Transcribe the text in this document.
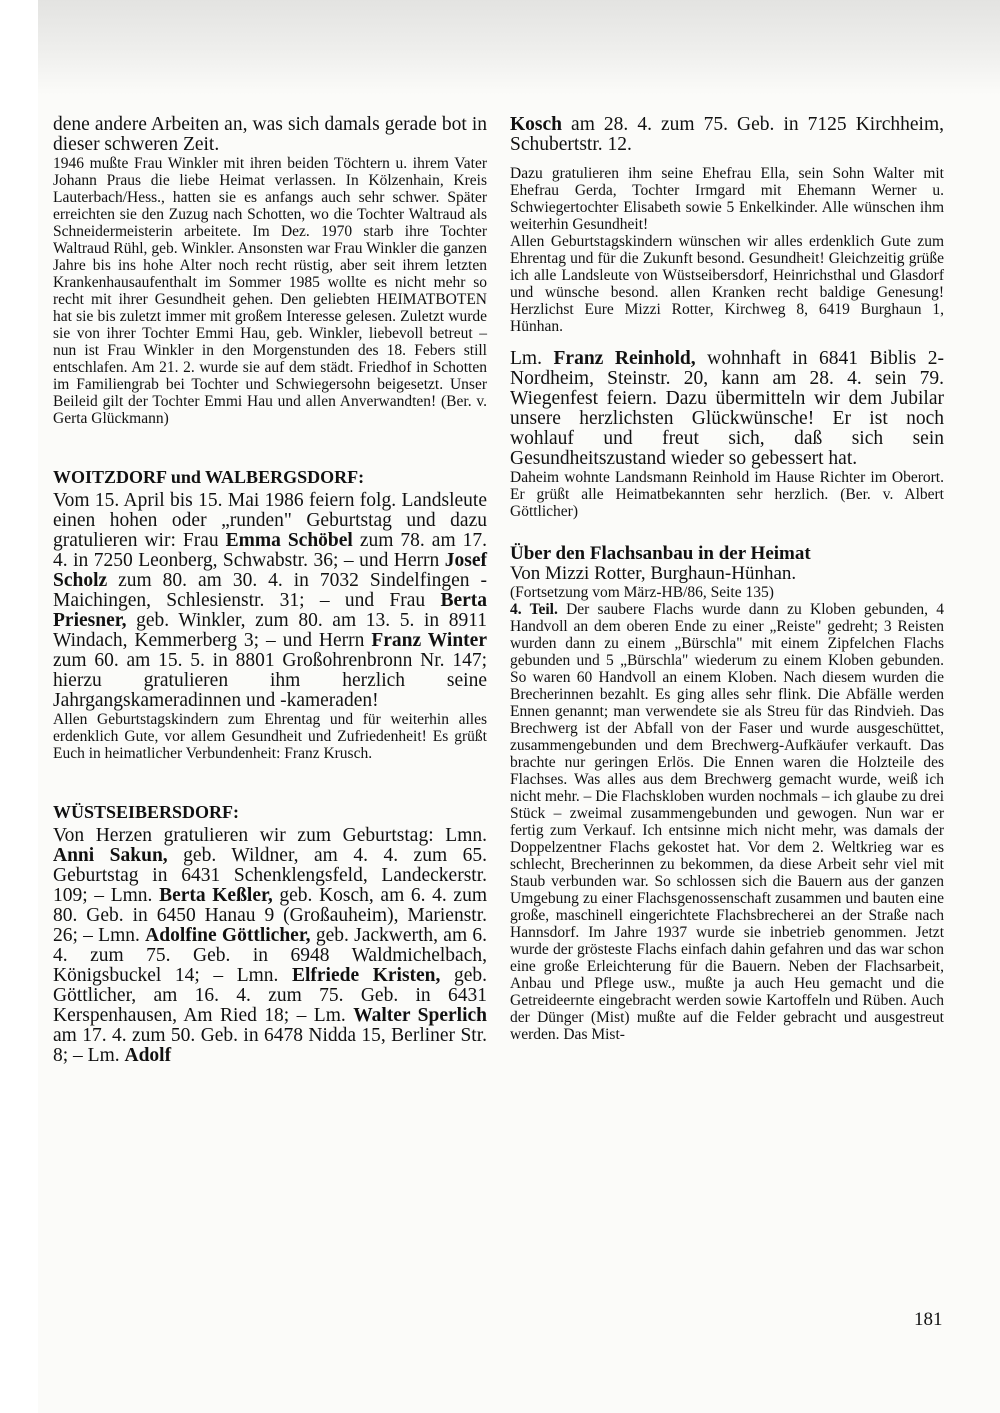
dene andere Arbeiten an, was sich damals gerade bot in dieser schweren Zeit.

1946 mußte Frau Winkler mit ihren beiden Töchtern u. ihrem Vater Johann Praus die liebe Heimat verlassen. In Kölzenhain, Kreis Lauterbach/Hess., hatten sie es anfangs auch sehr schwer. Später erreichten sie den Zuzug nach Schotten, wo die Tochter Waltraud als Schneidermeisterin arbeitete. Im Dez. 1970 starb ihre Tochter Waltraud Rühl, geb. Winkler. Ansonsten war Frau Winkler die ganzen Jahre bis ins hohe Alter noch recht rüstig, aber seit ihrem letzten Krankenhausaufenthalt im Sommer 1985 wollte es nicht mehr so recht mit ihrer Gesundheit gehen. Den geliebten HEIMATBOTEN hat sie bis zuletzt immer mit großem Interesse gelesen. Zuletzt wurde sie von ihrer Tochter Emmi Hau, geb. Winkler, liebevoll betreut – nun ist Frau Winkler in den Morgenstunden des 18. Febers still entschlafen. Am 21. 2. wurde sie auf dem städt. Friedhof in Schotten im Familiengrab bei Tochter und Schwiegersohn beigesetzt. Unser Beileid gilt der Tochter Emmi Hau und allen Anverwandten! (Ber. v. Gerta Glückmann)

WOITZDORF und WALBERGSDORF:

Vom 15. April bis 15. Mai 1986 feiern folg. Landsleute einen hohen oder „runden" Geburtstag und dazu gratulieren wir: Frau Emma Schöbel zum 78. am 17. 4. in 7250 Leonberg, Schwabstr. 36; – und Herrn Josef Scholz zum 80. am 30. 4. in 7032 Sindelfingen -Maichingen, Schlesienstr. 31; – und Frau Berta Priesner, geb. Winkler, zum 80. am 13. 5. in 8911 Windach, Kemmerberg 3; – und Herrn Franz Winter zum 60. am 15. 5. in 8801 Großohrenbronn Nr. 147; hierzu gratulieren ihm herzlich seine Jahrgangskameradinnen und -kameraden!

Allen Geburtstagskindern zum Ehrentag und für weiterhin alles erdenklich Gute, vor allem Gesundheit und Zufriedenheit! Es grüßt Euch in heimatlicher Verbundenheit: Franz Krusch.

WÜSTSEIBERSDORF:

Von Herzen gratulieren wir zum Geburtstag: Lmn. Anni Sakun, geb. Wildner, am 4. 4. zum 65. Geburtstag in 6431 Schenklengsfeld, Landeckerstr. 109; – Lmn. Berta Keßler, geb. Kosch, am 6. 4. zum 80. Geb. in 6450 Hanau 9 (Großauheim), Marienstr. 26; – Lmn. Adolfine Göttlicher, geb. Jackwerth, am 6. 4. zum 75. Geb. in 6948 Waldmichelbach, Königsbuckel 14; – Lmn. Elfriede Kristen, geb. Göttlicher, am 16. 4. zum 75. Geb. in 6431 Kerspenhausen, Am Ried 18; – Lm. Walter Sperlich am 17. 4. zum 50. Geb. in 6478 Nidda 15, Berliner Str. 8; – Lm. Adolf

Kosch am 28. 4. zum 75. Geb. in 7125 Kirchheim, Schubertstr. 12.

Dazu gratulieren ihm seine Ehefrau Ella, sein Sohn Walter mit Ehefrau Gerda, Tochter Irmgard mit Ehemann Werner u. Schwiegertochter Elisabeth sowie 5 Enkelkinder. Alle wünschen ihm weiterhin Gesundheit!

Allen Geburtstagskindern wünschen wir alles erdenklich Gute zum Ehrentag und für die Zukunft besond. Gesundheit! Gleichzeitig grüße ich alle Landsleute von Wüstseibersdorf, Heinrichsthal und Glasdorf und wünsche besond. allen Kranken recht baldige Genesung! Herzlichst Eure Mizzi Rotter, Kirchweg 8, 6419 Burghaun 1, Hünhan.

Lm. Franz Reinhold, wohnhaft in 6841 Biblis 2-Nordheim, Steinstr. 20, kann am 28. 4. sein 79. Wiegenfest feiern. Dazu übermitteln wir dem Jubilar unsere herzlichsten Glückwünsche! Er ist noch wohlauf und freut sich, daß sich sein Gesundheitszustand wieder so gebessert hat.

Daheim wohnte Landsmann Reinhold im Hause Richter im Oberort. Er grüßt alle Heimatbekannten sehr herzlich. (Ber. v. Albert Göttlicher)

Über den Flachsanbau in der Heimat

Von Mizzi Rotter, Burghaun-Hünhan.

(Fortsetzung vom März-HB/86, Seite 135)

4. Teil. Der saubere Flachs wurde dann zu Kloben gebunden, 4 Handvoll an dem oberen Ende zu einer „Reiste" gedreht; 3 Reisten wurden dann zu einem „Bürschla" mit einem Zipfelchen Flachs gebunden und 5 „Bürschla" wiederum zu einem Kloben gebunden. So waren 60 Handvoll an einem Kloben. Nach diesem wurden die Brecherinnen bezahlt. Es ging alles sehr flink. Die Abfälle werden Ennen genannt; man verwendete sie als Streu für das Rindvieh. Das Brechwerg ist der Abfall von der Faser und wurde ausgeschüttet, zusammengebunden und dem Brechwerg-Aufkäufer verkauft. Das brachte nur geringen Erlös. Die Ennen waren die Holzteile des Flachses. Was alles aus dem Brechwerg gemacht wurde, weiß ich nicht mehr. – Die Flachskloben wurden nochmals – ich glaube zu drei Stück – zweimal zusammengebunden und gewogen. Nun war er fertig zum Verkauf. Ich entsinne mich nicht mehr, was damals der Doppelzentner Flachs gekostet hat. Vor dem 2. Weltkrieg war es schlecht, Brecherinnen zu bekommen, da diese Arbeit sehr viel mit Staub verbunden war. So schlossen sich die Bauern aus der ganzen Umgebung zu einer Flachsgenossenschaft zusammen und bauten eine große, maschinell eingerichtete Flachsbrecherei an der Straße nach Hannsdorf. Im Jahre 1937 wurde sie inbetrieb genommen. Jetzt wurde der grösteste Flachs einfach dahin gefahren und das war schon eine große Erleichterung für die Bauern. Neben der Flachsarbeit, Anbau und Pflege usw., mußte ja auch Heu gemacht und die Getreideernte eingebracht werden sowie Kartoffeln und Rüben. Auch der Dünger (Mist) mußte auf die Felder gebracht und ausgestreut werden. Das Mist-

181
